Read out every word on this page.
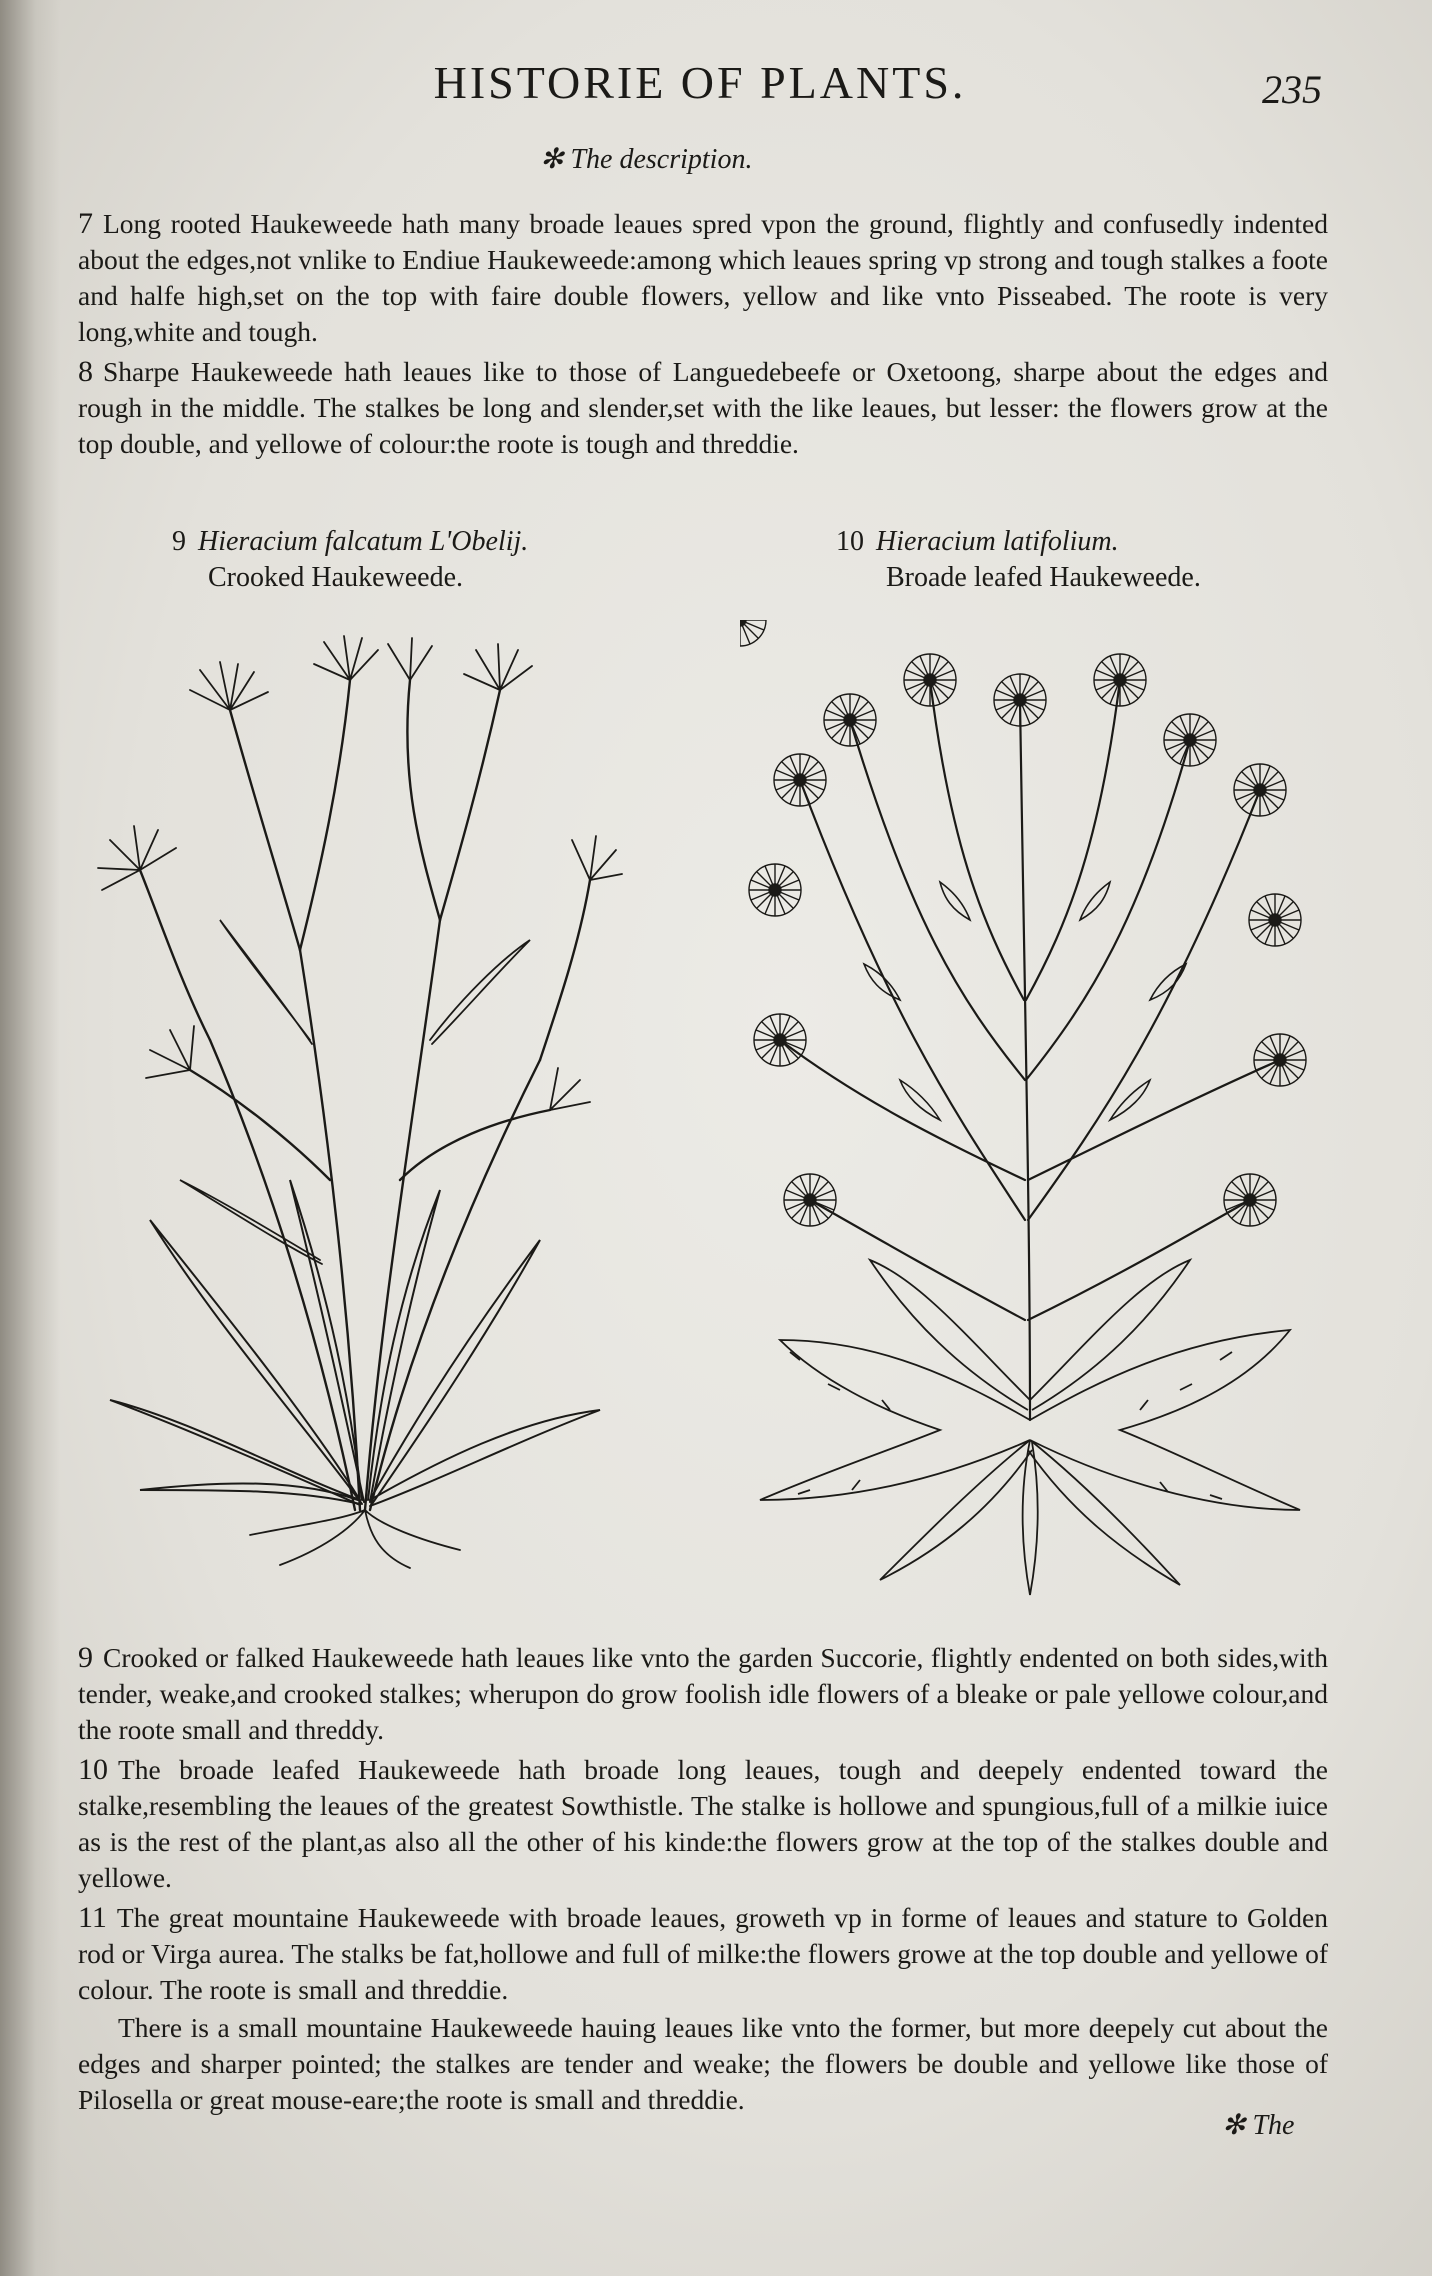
HISTORIE OF PLANTS.	235
✻ The description.
7 Long rooted Haukeweede hath many broade leaues spred vpon the ground, flightly and confusedly indented about the edges,not vnlike to Endiue Haukeweede:among which leaues spring vp strong and tough stalkes a foote and halfe high,set on the top with faire double flowers, yellow and like vnto Pisseabed. The roote is very long,white and tough.
8 Sharpe Haukeweede hath leaues like to those of Languedebeefe or Oxetoong, sharpe about the edges and rough in the middle. The stalkes be long and slender,set with the like leaues, but lesser: the flowers grow at the top double, and yellowe of colour:the roote is tough and threddie.
9 Hieracium falcatum L'Obelij.
Crooked Haukeweede.
10 Hieracium latifolium.
Broade leafed Haukeweede.
9 Crooked or falked Haukeweede hath leaues like vnto the garden Succorie, flightly endented on both sides,with tender, weake,and crooked stalkes; wherupon do grow foolish idle flowers of a bleake or pale yellowe colour,and the roote small and threddy.
10 The broade leafed Haukeweede hath broade long leaues, tough and deepely endented toward the stalke,resembling the leaues of the greatest Sowthistle. The stalke is hollowe and spungious,full of a milkie iuice as is the rest of the plant,as also all the other of his kinde:the flowers grow at the top of the stalkes double and yellowe.
11 The great mountaine Haukeweede with broade leaues, groweth vp in forme of leaues and stature to Golden rod or Virga aurea. The stalks be fat,hollowe and full of milke:the flowers growe at the top double and yellowe of colour. The roote is small and threddie.
There is a small mountaine Haukeweede hauing leaues like vnto the former, but more deepely cut about the edges and sharper pointed; the stalkes are tender and weake; the flowers be double and yellowe like those of Pilosella or great mouse-eare;the roote is small and threddie.
✻ The
